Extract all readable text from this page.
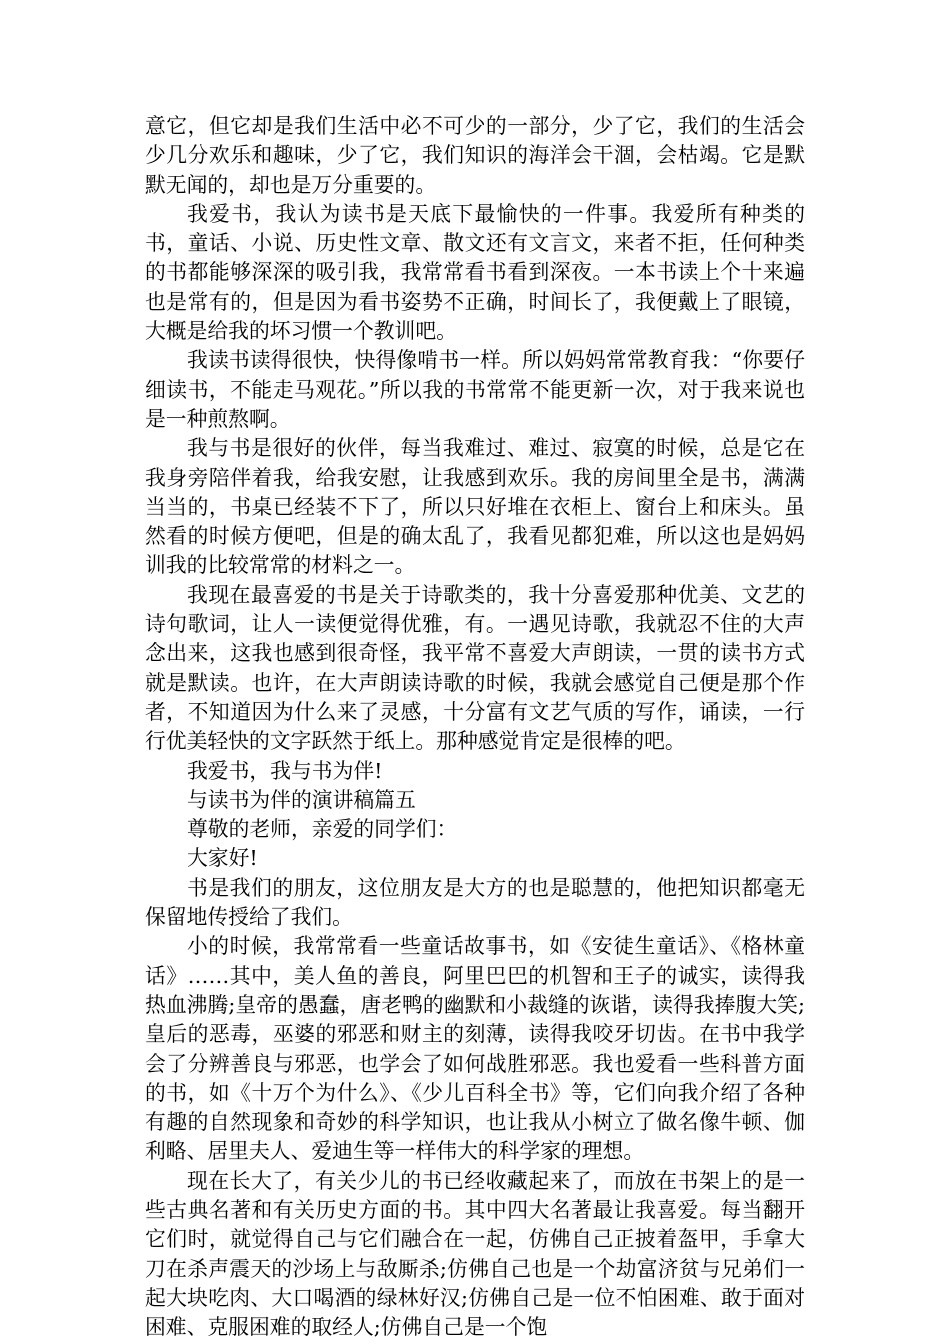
意它，但它却是我们生活中必不可少的一部分，少了它，我们的生活会少几分欢乐和趣味，少了它，我们知识的海洋会干涸，会枯竭。它是默默无闻的，却也是万分重要的。

我爱书，我认为读书是天底下最愉快的一件事。我爱所有种类的书，童话、小说、历史性文章、散文还有文言文，来者不拒，任何种类的书都能够深深的吸引我，我常常看书看到深夜。一本书读上个十来遍也是常有的，但是因为看书姿势不正确，时间长了，我便戴上了眼镜，大概是给我的坏习惯一个教训吧。

我读书读得很快，快得像啃书一样。所以妈妈常常教育我：“你要仔细读书，不能走马观花。”所以我的书常常不能更新一次，对于我来说也是一种煎熬啊。

我与书是很好的伙伴，每当我难过、难过、寂寞的时候，总是它在我身旁陪伴着我，给我安慰，让我感到欢乐。我的房间里全是书，满满当当的，书桌已经装不下了，所以只好堆在衣柜上、窗台上和床头。虽然看的时候方便吧，但是的确太乱了，我看见都犯难，所以这也是妈妈训我的比较常常的材料之一。

我现在最喜爱的书是关于诗歌类的，我十分喜爱那种优美、文艺的诗句歌词，让人一读便觉得优雅，有。一遇见诗歌，我就忍不住的大声念出来，这我也感到很奇怪，我平常不喜爱大声朗读，一贯的读书方式就是默读。也许，在大声朗读诗歌的时候，我就会感觉自己便是那个作者，不知道因为什么来了灵感，十分富有文艺气质的写作，诵读，一行行优美轻快的文字跃然于纸上。那种感觉肯定是很棒的吧。

我爱书，我与书为伴!

与读书为伴的演讲稿篇五

尊敬的老师，亲爱的同学们：

大家好!

书是我们的朋友，这位朋友是大方的也是聪慧的，他把知识都毫无保留地传授给了我们。

小的时候，我常常看一些童话故事书，如《安徒生童话》、《格林童话》……其中，美人鱼的善良，阿里巴巴的机智和王子的诚实，读得我热血沸腾;皇帝的愚蠢，唐老鸭的幽默和小裁缝的诙谐，读得我捧腹大笑;皇后的恶毒，巫婆的邪恶和财主的刻薄，读得我咬牙切齿。在书中我学会了分辨善良与邪恶，也学会了如何战胜邪恶。我也爱看一些科普方面的书，如《十万个为什么》、《少儿百科全书》等，它们向我介绍了各种有趣的自然现象和奇妙的科学知识，也让我从小树立了做名像牛顿、伽利略、居里夫人、爱迪生等一样伟大的科学家的理想。

现在长大了，有关少儿的书已经收藏起来了，而放在书架上的是一些古典名著和有关历史方面的书。其中四大名著最让我喜爱。每当翻开它们时，就觉得自己与它们融合在一起，仿佛自己正披着盔甲，手拿大刀在杀声震天的沙场上与敌厮杀;仿佛自己也是一个劫富济贫与兄弟们一起大块吃肉、大口喝酒的绿林好汉;仿佛自己是一位不怕困难、敢于面对困难、克服困难的取经人;仿佛自己是一个饱
